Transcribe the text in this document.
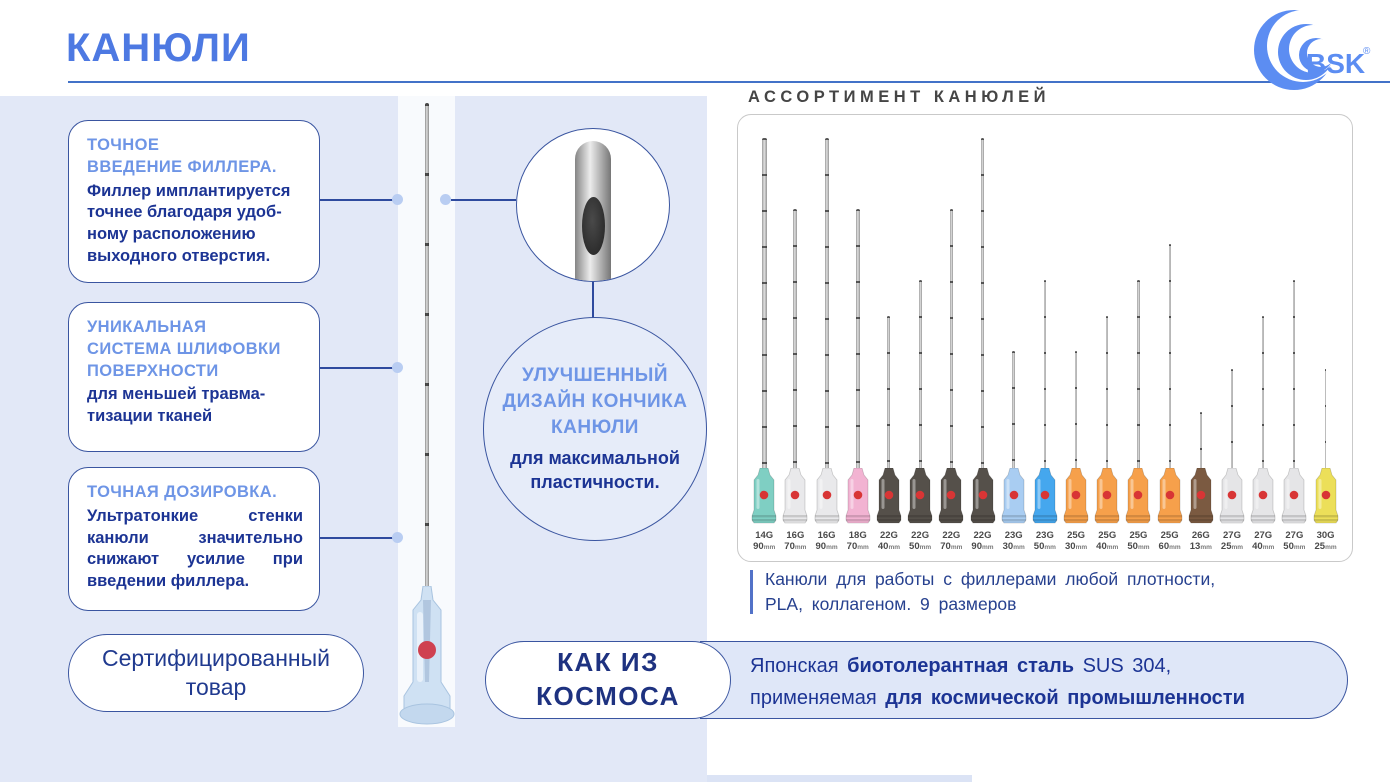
КАНЮЛИ	BSK
®
ТОЧНОЕ
ВВЕДЕНИЕ ФИЛЛЕРА.
Филлер имплантируется
точнее благодаря удоб-
ному расположению
выходного отверстия.
УНИКАЛЬНАЯ
СИСТЕМА ШЛИФОВКИ
ПОВЕРХНОСТИ
для меньшей травма-
тизации тканей
ТОЧНАЯ ДОЗИРОВКА.
Ультратонкие стенки канюли значительно снижают усилие при введении филлера.
Сертифицированный товар
УЛУЧШЕННЫЙ
ДИЗАЙН КОНЧИКА
КАНЮЛИ
для максимальной
пластичности.
АССОРТИМЕНТ КАНЮЛЕЙ
14G
90mm
16G
70mm
16G
90mm
18G
70mm
22G
40mm
22G
50mm
22G
70mm
22G
90mm
23G
30mm
23G
50mm
25G
30mm
25G
40mm
25G
50mm
25G
60mm
26G
13mm
27G
25mm
27G
40mm
27G
50mm
30G
25mm
Канюли для работы с филлерами любой плотности,
PLA, коллагеном. 9 размеров
КАК ИЗ
КОСМОСА
Японская биотолерантная сталь SUS 304,
применяемая для космической промышленности
